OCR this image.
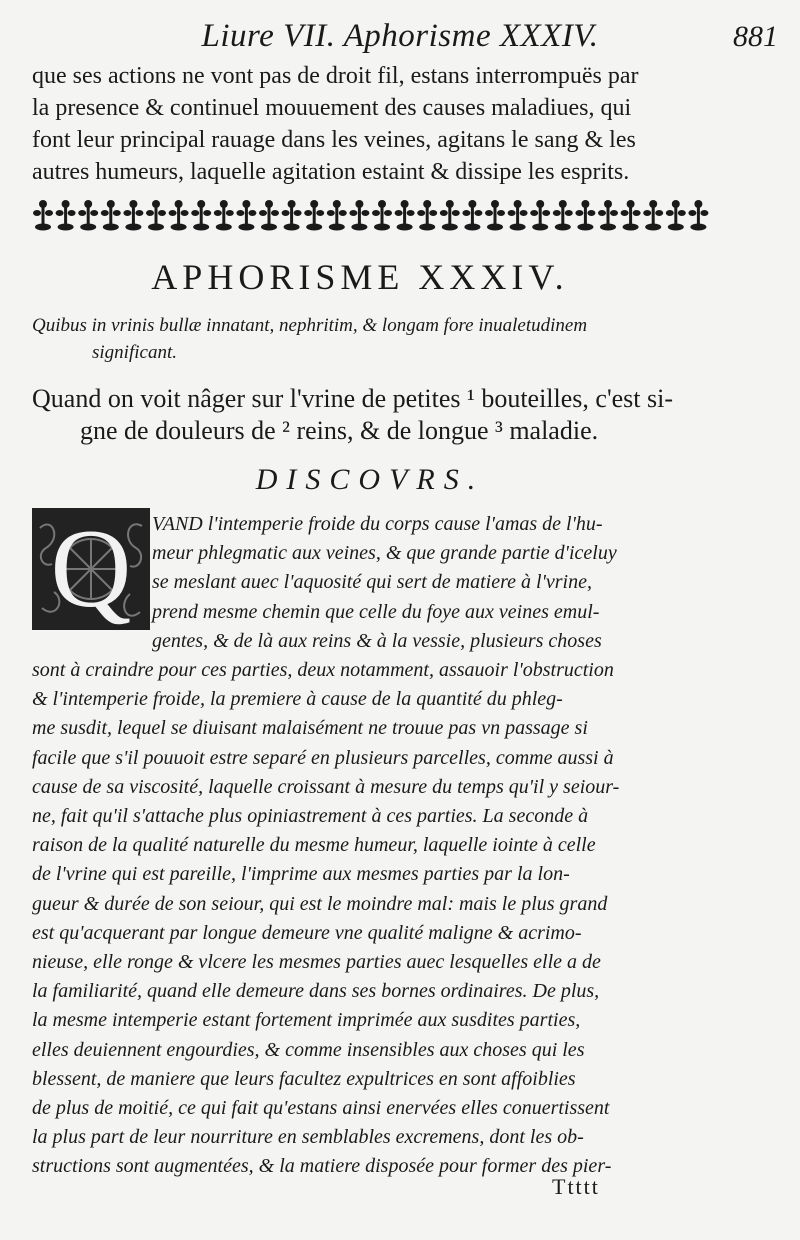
Liure VII. Aphorisme XXXIV.	881
que ses actions ne vont pas de droit fil, estans interrompuës par
la presence & continuel mouuement des causes maladiues, qui
font leur principal rauage dans les veines, agitans le sang & les
autres humeurs, laquelle agitation estaint & dissipe les esprits.
APHORISME XXXIV.
Quibus in vrinis bullæ innatant, nephritim, & longam fore inualetudinem
significant.
Quand on voit nâger sur l'vrine de petites ¹ bouteilles, c'est si-
gne de douleurs de ² reins, & de longue ³ maladie.
DISCOVRS.
Q	VAND l'intemperie froide du corps cause l'amas de l'hu-
meur phlegmatic aux veines, & que grande partie d'iceluy
se meslant auec l'aquosité qui sert de matiere à l'vrine,
prend mesme chemin que celle du foye aux veines emul-
gentes, & de là aux reins & à la vessie, plusieurs choses
sont à craindre pour ces parties, deux notamment, assauoir l'obstruction
& l'intemperie froide, la premiere à cause de la quantité du phleg-
me susdit, lequel se diuisant malaisément ne trouue pas vn passage si
facile que s'il pouuoit estre separé en plusieurs parcelles, comme aussi à
cause de sa viscosité, laquelle croissant à mesure du temps qu'il y seiour-
ne, fait qu'il s'attache plus opiniastrement à ces parties. La seconde à
raison de la qualité naturelle du mesme humeur, laquelle iointe à celle
de l'vrine qui est pareille, l'imprime aux mesmes parties par la lon-
gueur & durée de son seiour, qui est le moindre mal: mais le plus grand
est qu'acquerant par longue demeure vne qualité maligne & acrimo-
nieuse, elle ronge & vlcere les mesmes parties auec lesquelles elle a de
la familiarité, quand elle demeure dans ses bornes ordinaires. De plus,
la mesme intemperie estant fortement imprimée aux susdites parties,
elles deuiennent engourdies, & comme insensibles aux choses qui les
blessent, de maniere que leurs facultez expultrices en sont affoiblies
de plus de moitié, ce qui fait qu'estans ainsi enervées elles conuertissent
la plus part de leur nourriture en semblables excremens, dont les ob-
structions sont augmentées, & la matiere disposée pour former des pier-
Ttttt
